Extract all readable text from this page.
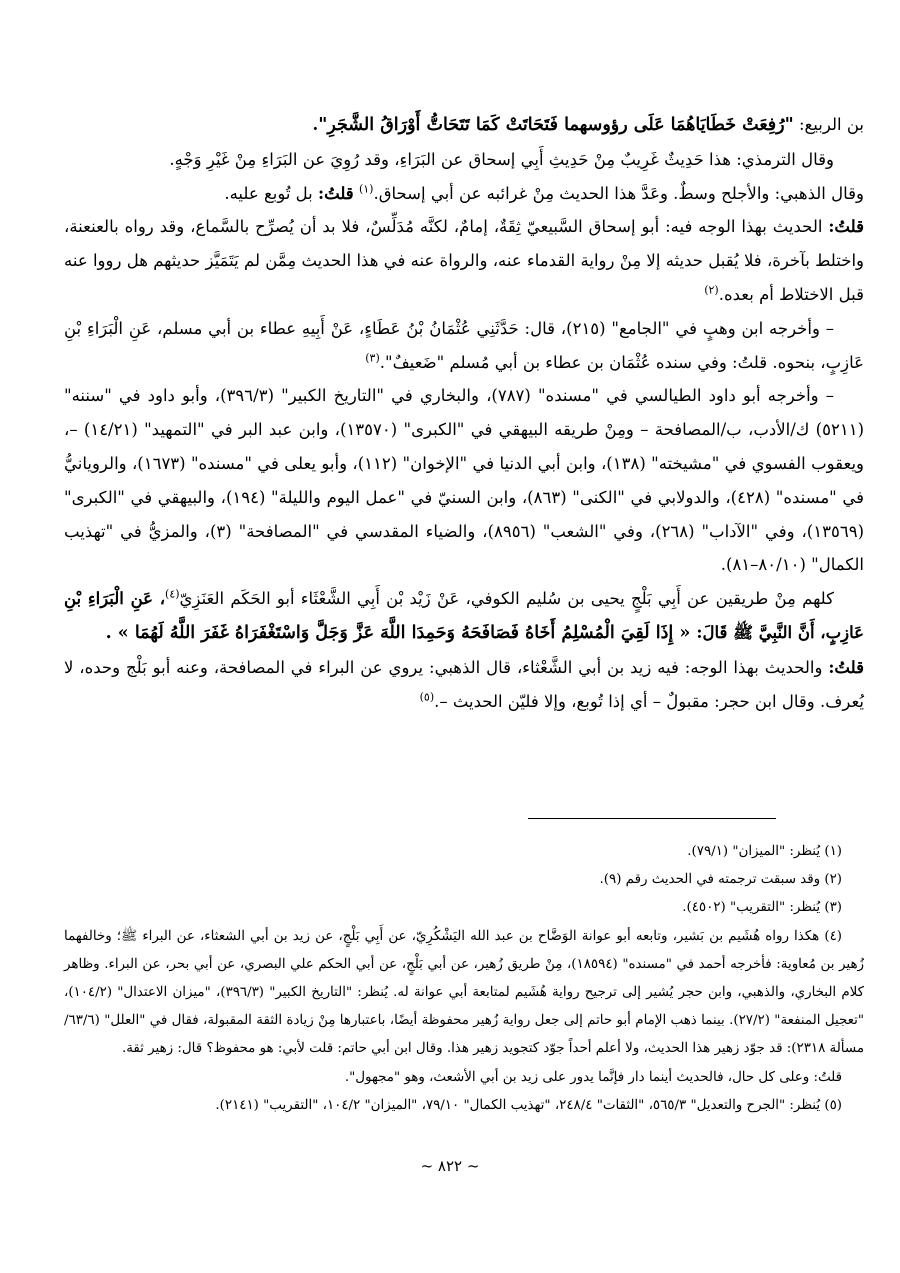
بن الربيع: "رُفِعَتْ خَطَايَاهُمَا عَلَى رؤوسهما فَتَحَاتَتْ كَمَا تَتَحَاتُّ أَوْرَاقُ الشَّجَرِ".

وقال الترمذي: هذا حَدِيثٌ غَرِيبٌ مِنْ حَدِيثِ أَبِي إسحاق عن البَرَاءِ، وقد رُوِيَ عن البَرَاءِ مِنْ غَيْرِ وَجْهٍ.

وقال الذهبي: والأجلح وسطٌ. وعَدَّ هذا الحديث مِنْ غرائبه عن أبي إسحاق.$^{(١)}$ قلتُ: بل تُوبع عليه.

قلتُ: الحديث بهذا الوجه فيه: أبو إسحاق السَّبيعيّ ثِقَةٌ، إمامٌ، لكنَّه مُدَلِّسٌ، فلا بد أن يُصرِّح بالسَّماع، وقد رواه بالعنعنة، واختلط بآخرة، فلا يُقبل حديثه إلا مِنْ رواية القدماء عنه، والرواة عنه في هذا الحديث مِمَّن لم يَتَمَيَّز حديثهم هل رووا عنه قبل الاختلاط أم بعده.$^{(٢)}$

– وأخرجه ابن وهبٍ في "الجامع" (٢١٥)، قال: حَدَّثَنِي عُثْمَانُ بْنُ عَطَاءٍ، عَنْ أَبِيهِ عطاء بن أبي مسلم، عَنِ الْبَرَاءِ بْنِ عَازِبٍ، بنحوه. قلتُ: وفي سنده عُثْمَان بن عطاء بن أبي مُسلم "ضَعيفٌ".$^{(٣)}$

– وأخرجه أبو داود الطيالسي في "مسنده" (٧٨٧)، والبخاري في "التاريخ الكبير" (٣٩٦/٣)، وأبو داود في "سننه" (٥٢١١) ك/الأدب، ب/المصافحة – ومِنْ طريقه البيهقي في "الكبرى" (١٣٥٧٠)، وابن عبد البر في "التمهيد" (١٤/٢١) –، ويعقوب الفسوي في "مشيخته" (١٣٨)، وابن أبي الدنيا في "الإخوان" (١١٢)، وأبو يعلى في "مسنده" (١٦٧٣)، والرويانيُّ في "مسنده" (٤٢٨)، والدولابي في "الكنى" (٨٦٣)، وابن السنيّ في "عمل اليوم والليلة" (١٩٤)، والبيهقي في "الكبرى" (١٣٥٦٩)، وفي "الآداب" (٢٦٨)، وفي "الشعب" (٨٩٥٦)، والضياء المقدسي في "المصافحة" (٣)، والمزيُّ في "تهذيب الكمال" (٨٠/١٠–٨١).

كلهم مِنْ طريقين عن أَبِي بَلْجٍ يحيى بن سُليم الكوفي، عَنْ زَيْد بْن أَبِي الشَّعْثَاء أبو الحَكَم العَنَزِيّ$^{(٤)}$، عَنِ الْبَرَاءِ بْنِ عَازِبٍ، أَنَّ النَّبِيَّ ﷺ قَالَ: « إِذَا لَقِيَ الْمُسْلِمُ أَخَاهُ فَصَافَحَهُ وَحَمِدَا اللَّهَ عَزَّ وَجَلَّ وَاسْتَغْفَرَاهُ غَفَرَ اللَّهُ لَهُمَا » .

قلتُ: والحديث بهذا الوجه: فيه زيد بن أبي الشَّعْثاء، قال الذهبي: يروي عن البراء في المصافحة، وعنه أبو بَلْج وحده، لا يُعرف. وقال ابن حجر: مقبولٌ – أي إذا تُوبع، وإلا فليّن الحديث –.$^{(٥)}$

(١) يُنظر: "الميزان" (٧٩/١).

(٢) وقد سبقت ترجمته في الحديث رقم (٩).

(٣) يُنظر: "التقريب" (٤٥٠٢).

(٤) هكذا رواه هُشَيم بن بَشير، وتابعه أبو عوانة الوَضَّاح بن عبد الله اليَشْكُرِيّ، عن أَبِي بَلْجٍ، عن زيد بن أبي الشعثاء، عن البراء ﷺ؛ وخالفهما زُهير بن مُعاوية: فأخرجه أحمد في "مسنده" (١٨٥٩٤)، مِنْ طريق زُهير، عن أبي بَلْجٍ، عن أبي الحكم علي البصري، عن أبي بحر، عن البراء. وظاهر كلام البخاري، والذهبي، وابن حجر يُشير إلى ترجيح رواية هُشَيم لمتابعة أبي عوانة له. يُنظر: "التاريخ الكبير" (٣٩٦/٣)، "ميزان الاعتدال" (١٠٤/٢)، "تعجيل المنفعة" (٢٧/٢). بينما ذهب الإمام أبو حاتم إلى جعل رواية زُهير محفوظة أيضًا، باعتبارها مِنْ زيادة الثقة المقبولة، فقال في "العلل" (٦٣/٦/مسألة ٢٣١٨): قد جوّد زهير هذا الحديث، ولا أعلم أحداً جوّد كتجويد زهير هذا. وقال ابن أبي حاتم: قلت لأبي: هو محفوظ؟ قال: زهير ثقة.

قلتُ: وعلى كل حال، فالحديث أينما دار فإنَّما يدور على زيد بن أبي الأشعث، وهو "مجهول".

(٥) يُنظر: "الجرح والتعديل" ٥٦٥/٣، "الثقات" ٢٤٨/٤، "تهذيب الكمال" ٧٩/١٠، "الميزان" ١٠٤/٢، "التقريب" (٢١٤١).

~ ٨٢٢ ~
